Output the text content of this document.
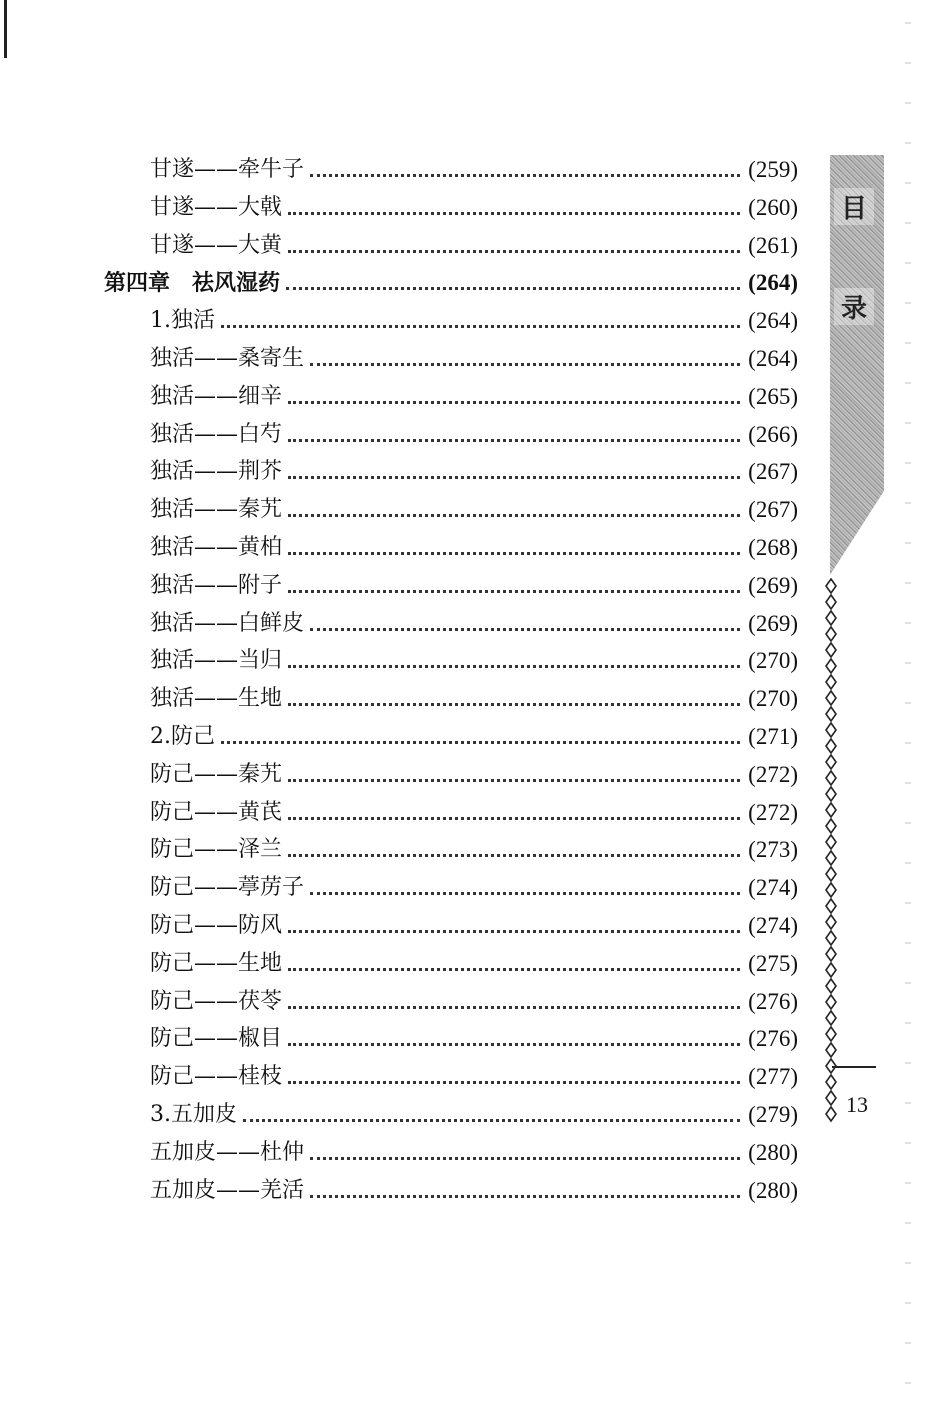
甘遂——牵牛子	(259)
甘遂——大戟	(260)
甘遂——大黄	(261)
第四章　祛风湿药	(264)
1.独活	(264)
独活——桑寄生	(264)
独活——细辛	(265)
独活——白芍	(266)
独活——荆芥	(267)
独活——秦艽	(267)
独活——黄柏	(268)
独活——附子	(269)
独活——白鲜皮	(269)
独活——当归	(270)
独活——生地	(270)
2.防己	(271)
防己——秦艽	(272)
防己——黄芪	(272)
防己——泽兰	(273)
防己——葶苈子	(274)
防己——防风	(274)
防己——生地	(275)
防己——茯苓	(276)
防己——椒目	(276)
防己——桂枝	(277)
3.五加皮	(279)
五加皮——杜仲	(280)
五加皮——羌活	(280)
目
录
13
